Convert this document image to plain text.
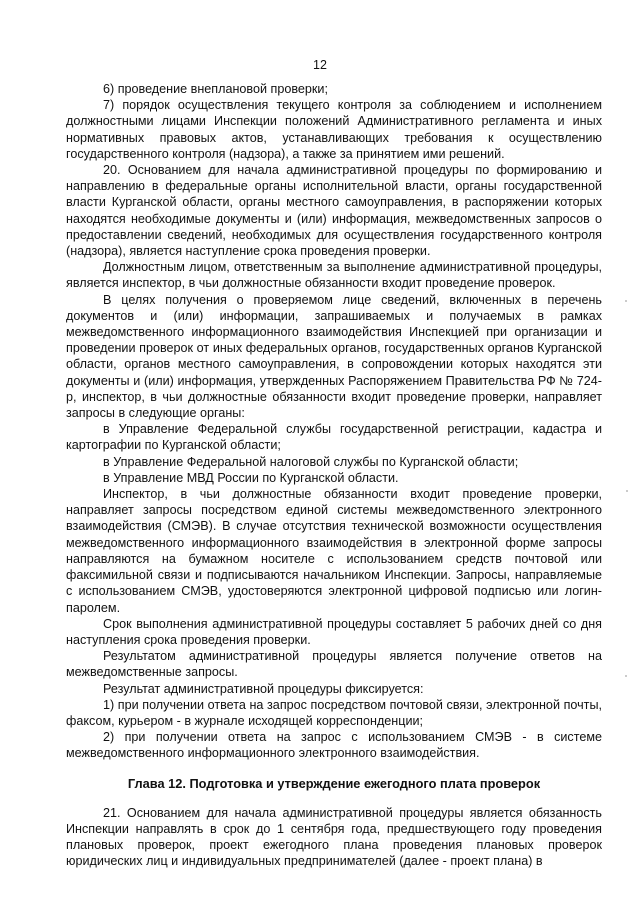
12

6) проведение внеплановой проверки;

7) порядок осуществления текущего контроля за соблюдением и исполнением должностными лицами Инспекции положений Административного регламента и иных нормативных правовых актов, устанавливающих требования к осуществлению государственного контроля (надзора), а также за принятием ими решений.

20. Основанием для начала административной процедуры по формированию и направлению в федеральные органы исполнительной власти, органы государственной власти Курганской области, органы местного самоуправления, в распоряжении которых находятся необходимые документы и (или) информация, межведомственных запросов о предоставлении сведений, необходимых для осуществления государственного контроля (надзора), является наступление срока проведения проверки.

Должностным лицом, ответственным за выполнение административной процедуры, является инспектор, в чьи должностные обязанности входит проведение проверок.

В целях получения о проверяемом лице сведений, включенных в перечень документов и (или) информации, запрашиваемых и получаемых в рамках межведомственного информационного взаимодействия Инспекцией при организации и проведении проверок от иных федеральных органов, государственных органов Курганской области, органов местного самоуправления, в сопровождении которых находятся эти документы и (или) информация, утвержденных Распоряжением Правительства РФ № 724-р, инспектор, в чьи должностные обязанности входит проведение проверки, направляет запросы в следующие органы:

в Управление Федеральной службы государственной регистрации, кадастра и картографии по Курганской области;

в Управление Федеральной налоговой службы по Курганской области;

в Управление МВД России по Курганской области.

Инспектор, в чьи должностные обязанности входит проведение проверки, направляет запросы посредством единой системы межведомственного электронного взаимодействия (СМЭВ). В случае отсутствия технической возможности осуществления межведомственного информационного взаимодействия в электронной форме запросы направляются на бумажном носителе с использованием средств почтовой или факсимильной связи и подписываются начальником Инспекции. Запросы, направляемые с использованием СМЭВ, удостоверяются электронной цифровой подписью или логин-паролем.

Срок выполнения административной процедуры составляет 5 рабочих дней со дня наступления срока проведения проверки.

Результатом административной процедуры является получение ответов на межведомственные запросы.

Результат административной процедуры фиксируется:

1) при получении ответа на запрос посредством почтовой связи, электронной почты, факсом, курьером - в журнале исходящей корреспонденции;

2) при получении ответа на запрос с использованием СМЭВ - в системе межведомственного информационного электронного взаимодействия.

Глава 12. Подготовка и утверждение ежегодного плата проверок

21. Основанием для начала административной процедуры является обязанность Инспекции направлять в срок до 1 сентября года, предшествующего году проведения плановых проверок, проект ежегодного плана проведения плановых проверок юридических лиц и индивидуальных предпринимателей (далее - проект плана) в
